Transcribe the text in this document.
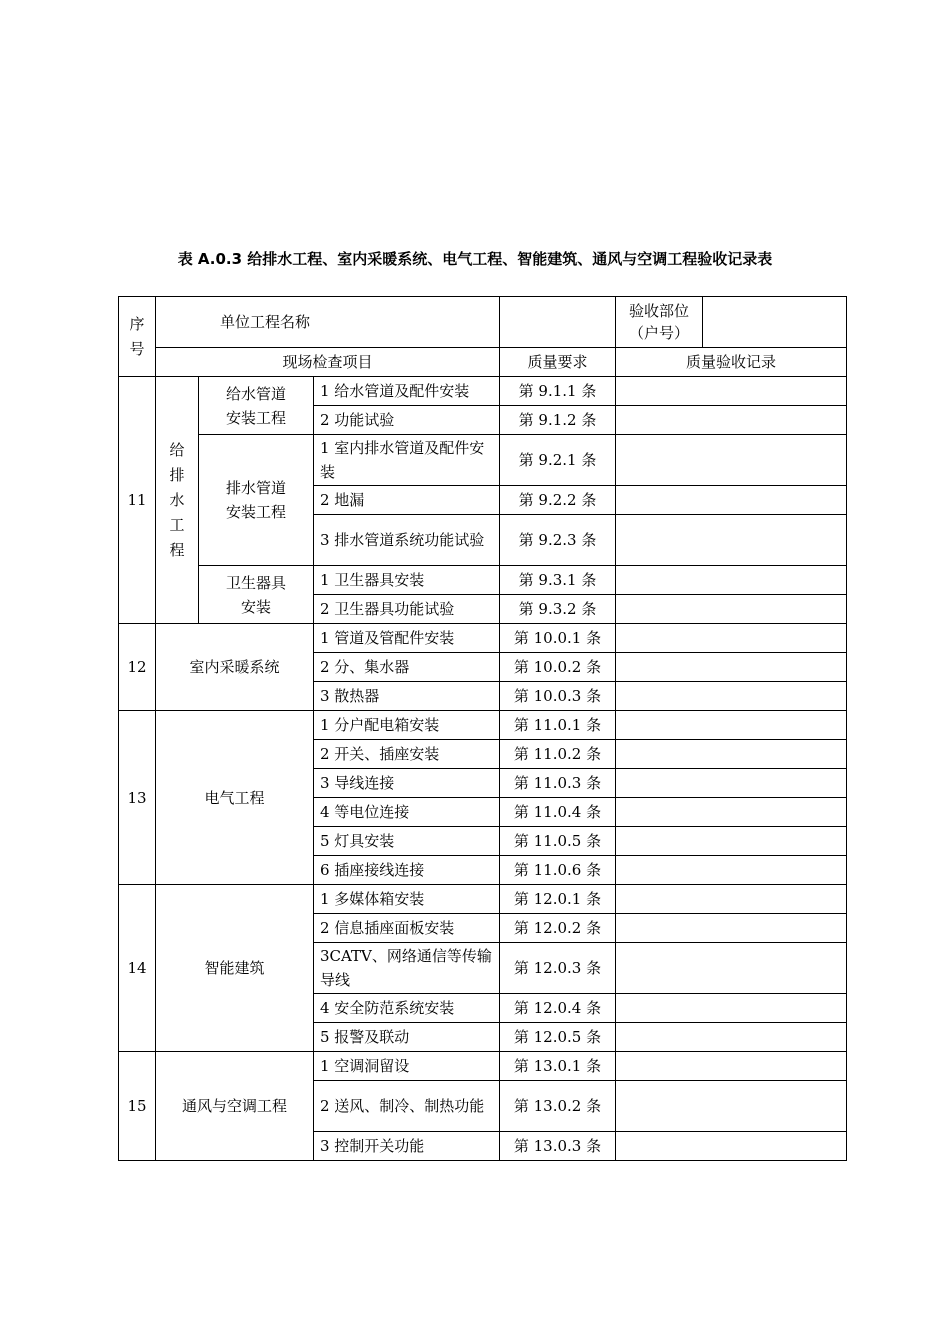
表 A.0.3 给排水工程、室内采暖系统、电气工程、智能建筑、通风与空调工程验收记录表
序
号	单位工程名称				验收部位
（户号）	
	现场检查项目			质量要求	质量验收记录	
11	给
排
水
工
程	给水管道
安装工程	1 给水管道及配件安装	第 9.1.1 条		
			2 功能试验	第 9.1.2 条		
		排水管道
安装工程	1 室内排水管道及配件安装	第 9.2.1 条		
			2 地漏	第 9.2.2 条		
			3 排水管道系统功能试验	第 9.2.3 条		
		卫生器具
安装	1 卫生器具安装	第 9.3.1 条		
			2 卫生器具功能试验	第 9.3.2 条		
12	室内采暖系统		1 管道及管配件安装	第 10.0.1 条		
			2 分、集水器	第 10.0.2 条		
			3 散热器	第 10.0.3 条		
13	电气工程		1 分户配电箱安装	第 11.0.1 条		
			2 开关、插座安装	第 11.0.2 条		
			3 导线连接	第 11.0.3 条		
			4 等电位连接	第 11.0.4 条		
			5 灯具安装	第 11.0.5 条		
			6 插座接线连接	第 11.0.6 条		
14	智能建筑		1 多媒体箱安装	第 12.0.1 条		
			2 信息插座面板安装	第 12.0.2 条		
			3CATV、网络通信等传输导线	第 12.0.3 条		
			4 安全防范系统安装	第 12.0.4 条		
			5 报警及联动	第 12.0.5 条		
15	通风与空调工程		1 空调洞留设	第 13.0.1 条		
			2 送风、制冷、制热功能	第 13.0.2 条		
			3 控制开关功能	第 13.0.3 条		
